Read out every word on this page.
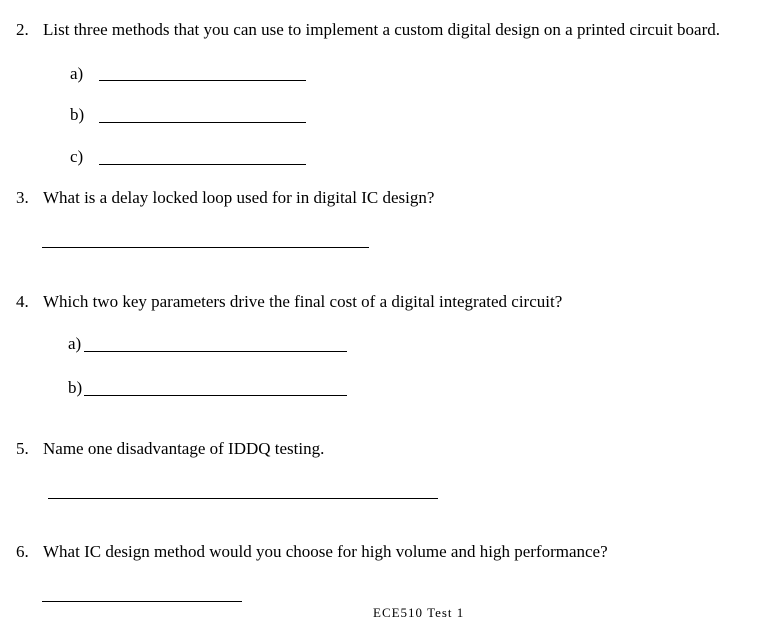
2. List three methods that you can use to implement a custom digital design on a printed circuit board.
a)
b)
c)
3. What is a delay locked loop used for in digital IC design?
4. Which two key parameters drive the final cost of a digital integrated circuit?
a)
b)
5. Name one disadvantage of IDDQ testing.
6. What IC design method would you choose for high volume and high performance?
ECE510 Test 1
